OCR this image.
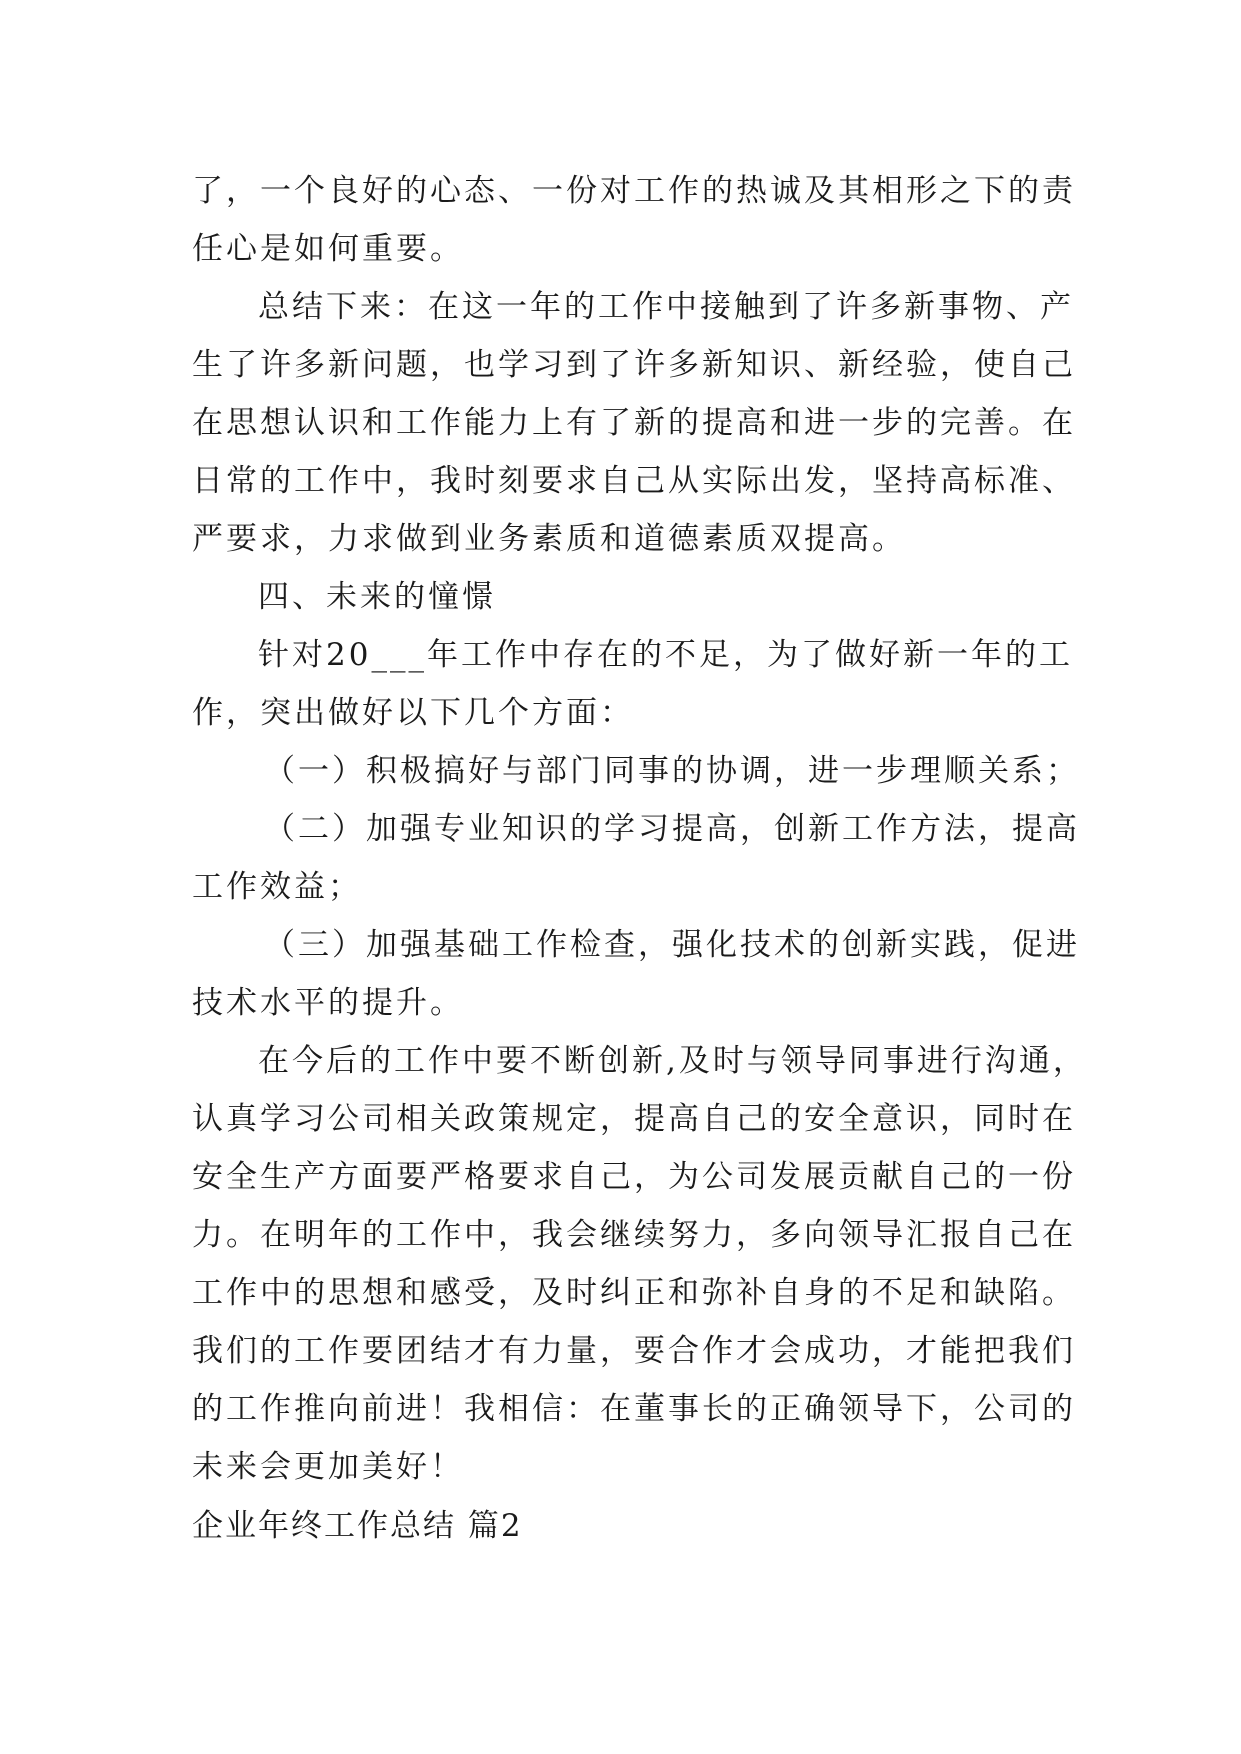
了，一个良好的心态、一份对工作的热诚及其相形之下的责
任心是如何重要。
总结下来：在这一年的工作中接触到了许多新事物、产
生了许多新问题，也学习到了许多新知识、新经验，使自己
在思想认识和工作能力上有了新的提高和进一步的完善。在
日常的工作中，我时刻要求自己从实际出发，坚持高标准、
严要求，力求做到业务素质和道德素质双提高。
四、未来的憧憬
针对20___年工作中存在的不足，为了做好新一年的工
作，突出做好以下几个方面：
（一）积极搞好与部门同事的协调，进一步理顺关系；
（二）加强专业知识的学习提高，创新工作方法，提高
工作效益；
（三）加强基础工作检查，强化技术的创新实践，促进
技术水平的提升。
在今后的工作中要不断创新,及时与领导同事进行沟通，
认真学习公司相关政策规定，提高自己的安全意识，同时在
安全生产方面要严格要求自己，为公司发展贡献自己的一份
力。在明年的工作中，我会继续努力，多向领导汇报自己在
工作中的思想和感受，及时纠正和弥补自身的不足和缺陷。
我们的工作要团结才有力量，要合作才会成功，才能把我们
的工作推向前进！我相信：在董事长的正确领导下，公司的
未来会更加美好！
企业年终工作总结 篇2
